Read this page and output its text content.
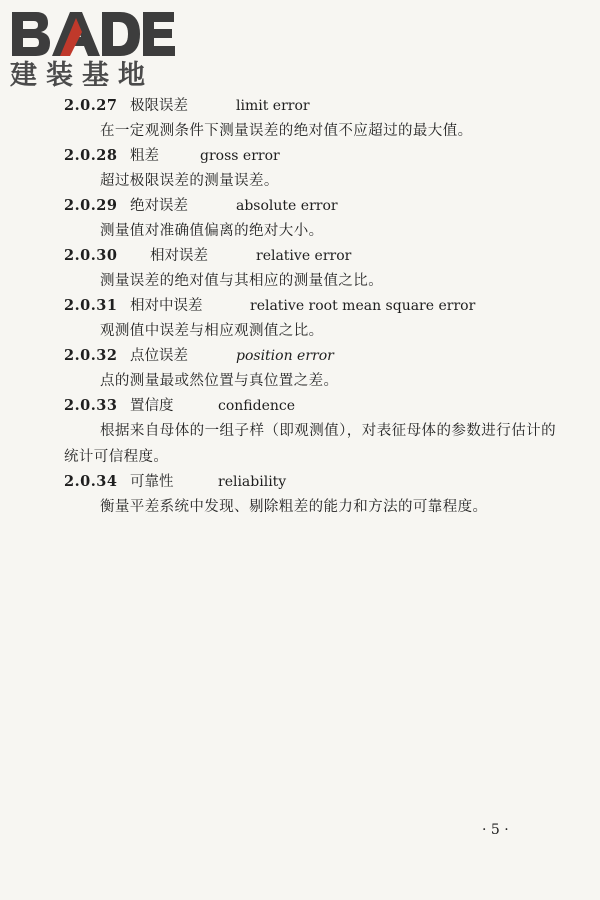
建装基地
2.0.27 极限误差	limit error
在一定观测条件下测量误差的绝对值不应超过的最大值。
2.0.28 粗差	gross error
超过极限误差的测量误差。
2.0.29 绝对误差	absolute error
测量值对准确值偏离的绝对大小。
2.0.30 相对误差	relative error
测量误差的绝对值与其相应的测量值之比。
2.0.31 相对中误差	relative root mean square error
观测值中误差与相应观测值之比。
2.0.32 点位误差	position error
点的测量最或然位置与真位置之差。
2.0.33 置信度	confidence
根据来自母体的一组子样（即观测值），对表征母体的参数进行估计的统计可信程度。
2.0.34 可靠性	reliability
衡量平差系统中发现、剔除粗差的能力和方法的可靠程度。
· 5 ·
